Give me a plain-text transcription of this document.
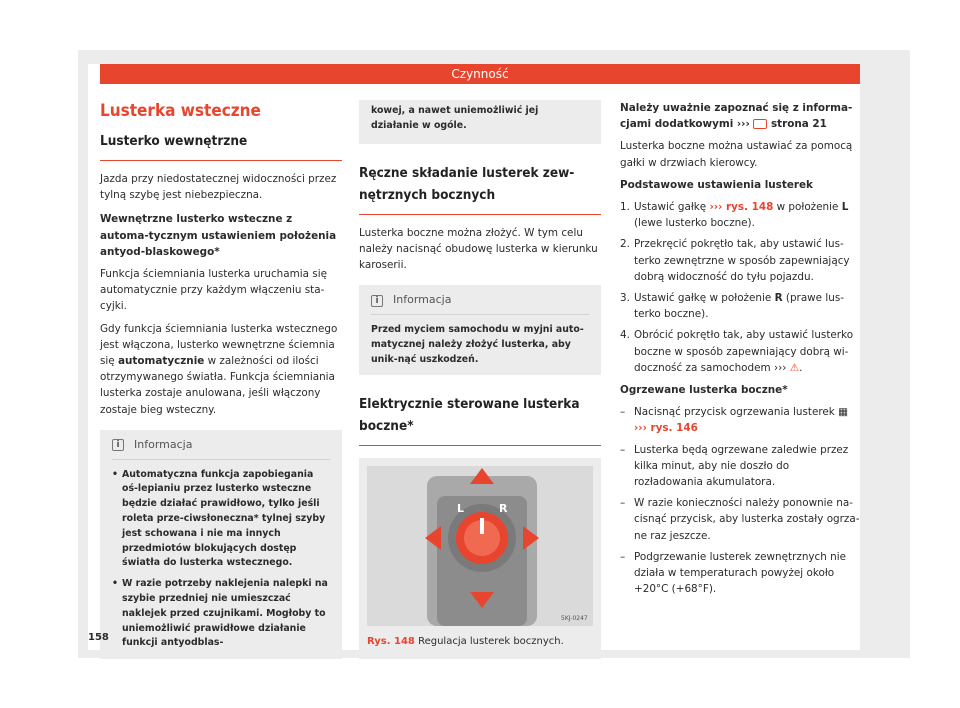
Czynność
Lusterka wsteczne
Lusterko wewnętrzne

Jazda przy niedostatecznej widoczności przez tylną szybę jest niebezpieczna.

Wewnętrzne lusterko wsteczne z automa-tycznym ustawieniem położenia antyod-blaskowego*

Funkcja ściemniania lusterka uruchamia się automatycznie przy każdym włączeniu sta-cyjki.

Gdy funkcja ściemniania lusterka wstecznego jest włączona, lusterko wewnętrzne ściemnia się automatycznie w zależności od ilości otrzymywanego światła. Funkcja ściemniania lusterka zostaje anulowana, jeśli włączony zostaje bieg wsteczny.

i	Informacja
• Automatyczna funkcja zapobiegania oś-lepianiu przez lusterko wsteczne będzie działać prawidłowo, tylko jeśli roleta prze-ciwsłoneczna* tylnej szyby jest schowana i nie ma innych przedmiotów blokujących dostęp światła do lusterka wstecznego.
• W razie potrzeby naklejenia nalepki na szybie przedniej nie umieszczać naklejek przed czujnikami. Mogłoby to uniemożliwić prawidłowe działanie funkcji antyodblas-
kowej, a nawet uniemożliwić jej działanie w ogóle.
Ręczne składanie lusterek zew-nętrznych bocznych

Lusterka boczne można złożyć. W tym celu należy nacisnąć obudowę lusterka w kierunku karoserii.

i	Informacja
Przed myciem samochodu w myjni auto-matycznej należy złożyć lusterka, aby unik-nąć uszkodzeń.
Elektrycznie sterowane lusterka boczne*
L	R
5KJ-0247
Rys. 148 Regulacja lusterek bocznych.

Należy uważnie zapoznać się z informa-cjami dodatkowymi ›››  strona 21

Lusterka boczne można ustawiać za pomocą gałki w drzwiach kierowcy.

Podstawowe ustawienia lusterek

1. Ustawić gałkę ››› rys. 148 w położenie L (lewe lusterko boczne).
2. Przekręcić pokrętło tak, aby ustawić lus-terko zewnętrzne w sposób zapewniający dobrą widoczność do tyłu pojazdu.
3. Ustawić gałkę w położenie R (prawe lus-terko boczne).
4. Obrócić pokrętło tak, aby ustawić lusterko boczne w sposób zapewniający dobrą wi-doczność za samochodem ››› ⚠.

Ogrzewane lusterka boczne*

– Nacisnąć przycisk ogrzewania lusterek ▦
››› rys. 146
– Lusterka będą ogrzewane zaledwie przez kilka minut, aby nie doszło do rozładowania akumulatora.
– W razie konieczności należy ponownie na-cisnąć przycisk, aby lusterka zostały ogrza-ne raz jeszcze.
– Podgrzewanie lusterek zewnętrznych nie działa w temperaturach powyżej około +20°C (+68°F).
158
